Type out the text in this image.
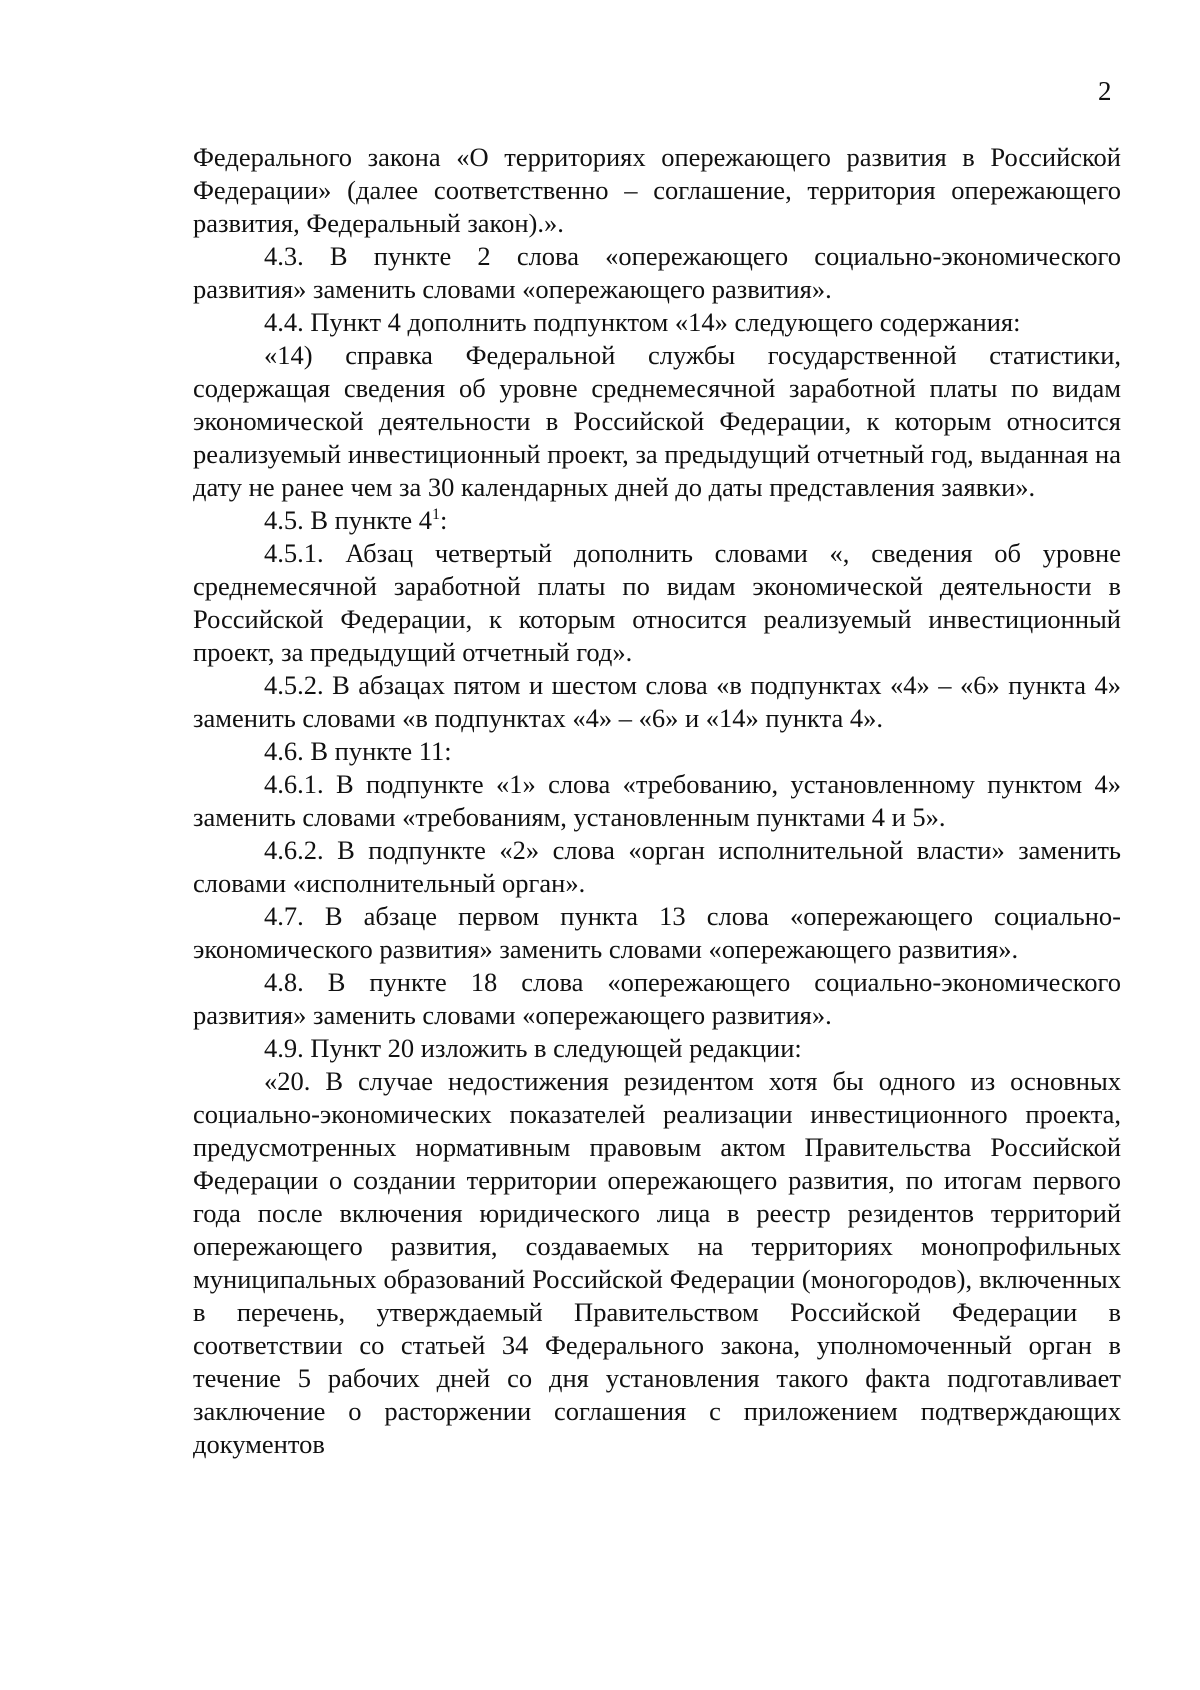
2

Федерального закона «О территориях опережающего развития в Российской Федерации» (далее соответственно – соглашение, территория опережающего развития, Федеральный закон).».

4.3. В пункте 2 слова «опережающего социально-экономического развития» заменить словами «опережающего развития».

4.4. Пункт 4 дополнить подпунктом «14» следующего содержания:

«14) справка Федеральной службы государственной статистики, содержащая сведения об уровне среднемесячной заработной платы по видам экономической деятельности в Российской Федерации, к которым относится реализуемый инвестиционный проект, за предыдущий отчетный год, выданная на дату не ранее чем за 30 календарных дней до даты представления заявки».

4.5. В пункте $4^1$:

4.5.1. Абзац четвертый дополнить словами «, сведения об уровне среднемесячной заработной платы по видам экономической деятельности в Российской Федерации, к которым относится реализуемый инвестиционный проект, за предыдущий отчетный год».

4.5.2. В абзацах пятом и шестом слова «в подпунктах «4» – «6» пункта 4» заменить словами «в подпунктах «4» – «6» и «14» пункта 4».

4.6. В пункте 11:

4.6.1. В подпункте «1» слова «требованию, установленному пунктом 4» заменить словами «требованиям, установленным пунктами 4 и 5».

4.6.2. В подпункте «2» слова «орган исполнительной власти» заменить словами «исполнительный орган».

4.7. В абзаце первом пункта 13 слова «опережающего социально-экономического развития» заменить словами «опережающего развития».

4.8. В пункте 18 слова «опережающего социально-экономического развития» заменить словами «опережающего развития».

4.9. Пункт 20 изложить в следующей редакции:

«20. В случае недостижения резидентом хотя бы одного из основных социально-экономических показателей реализации инвестиционного проекта, предусмотренных нормативным правовым актом Правительства Российской Федерации о создании территории опережающего развития, по итогам первого года после включения юридического лица в реестр резидентов территорий опережающего развития, создаваемых на территориях монопрофильных муниципальных образований Российской Федерации (моногородов), включенных в перечень, утверждаемый Правительством Российской Федерации в соответствии со статьей 34 Федерального закона, уполномоченный орган в течение 5 рабочих дней со дня установления такого факта подготавливает заключение о расторжении соглашения с приложением подтверждающих документов
